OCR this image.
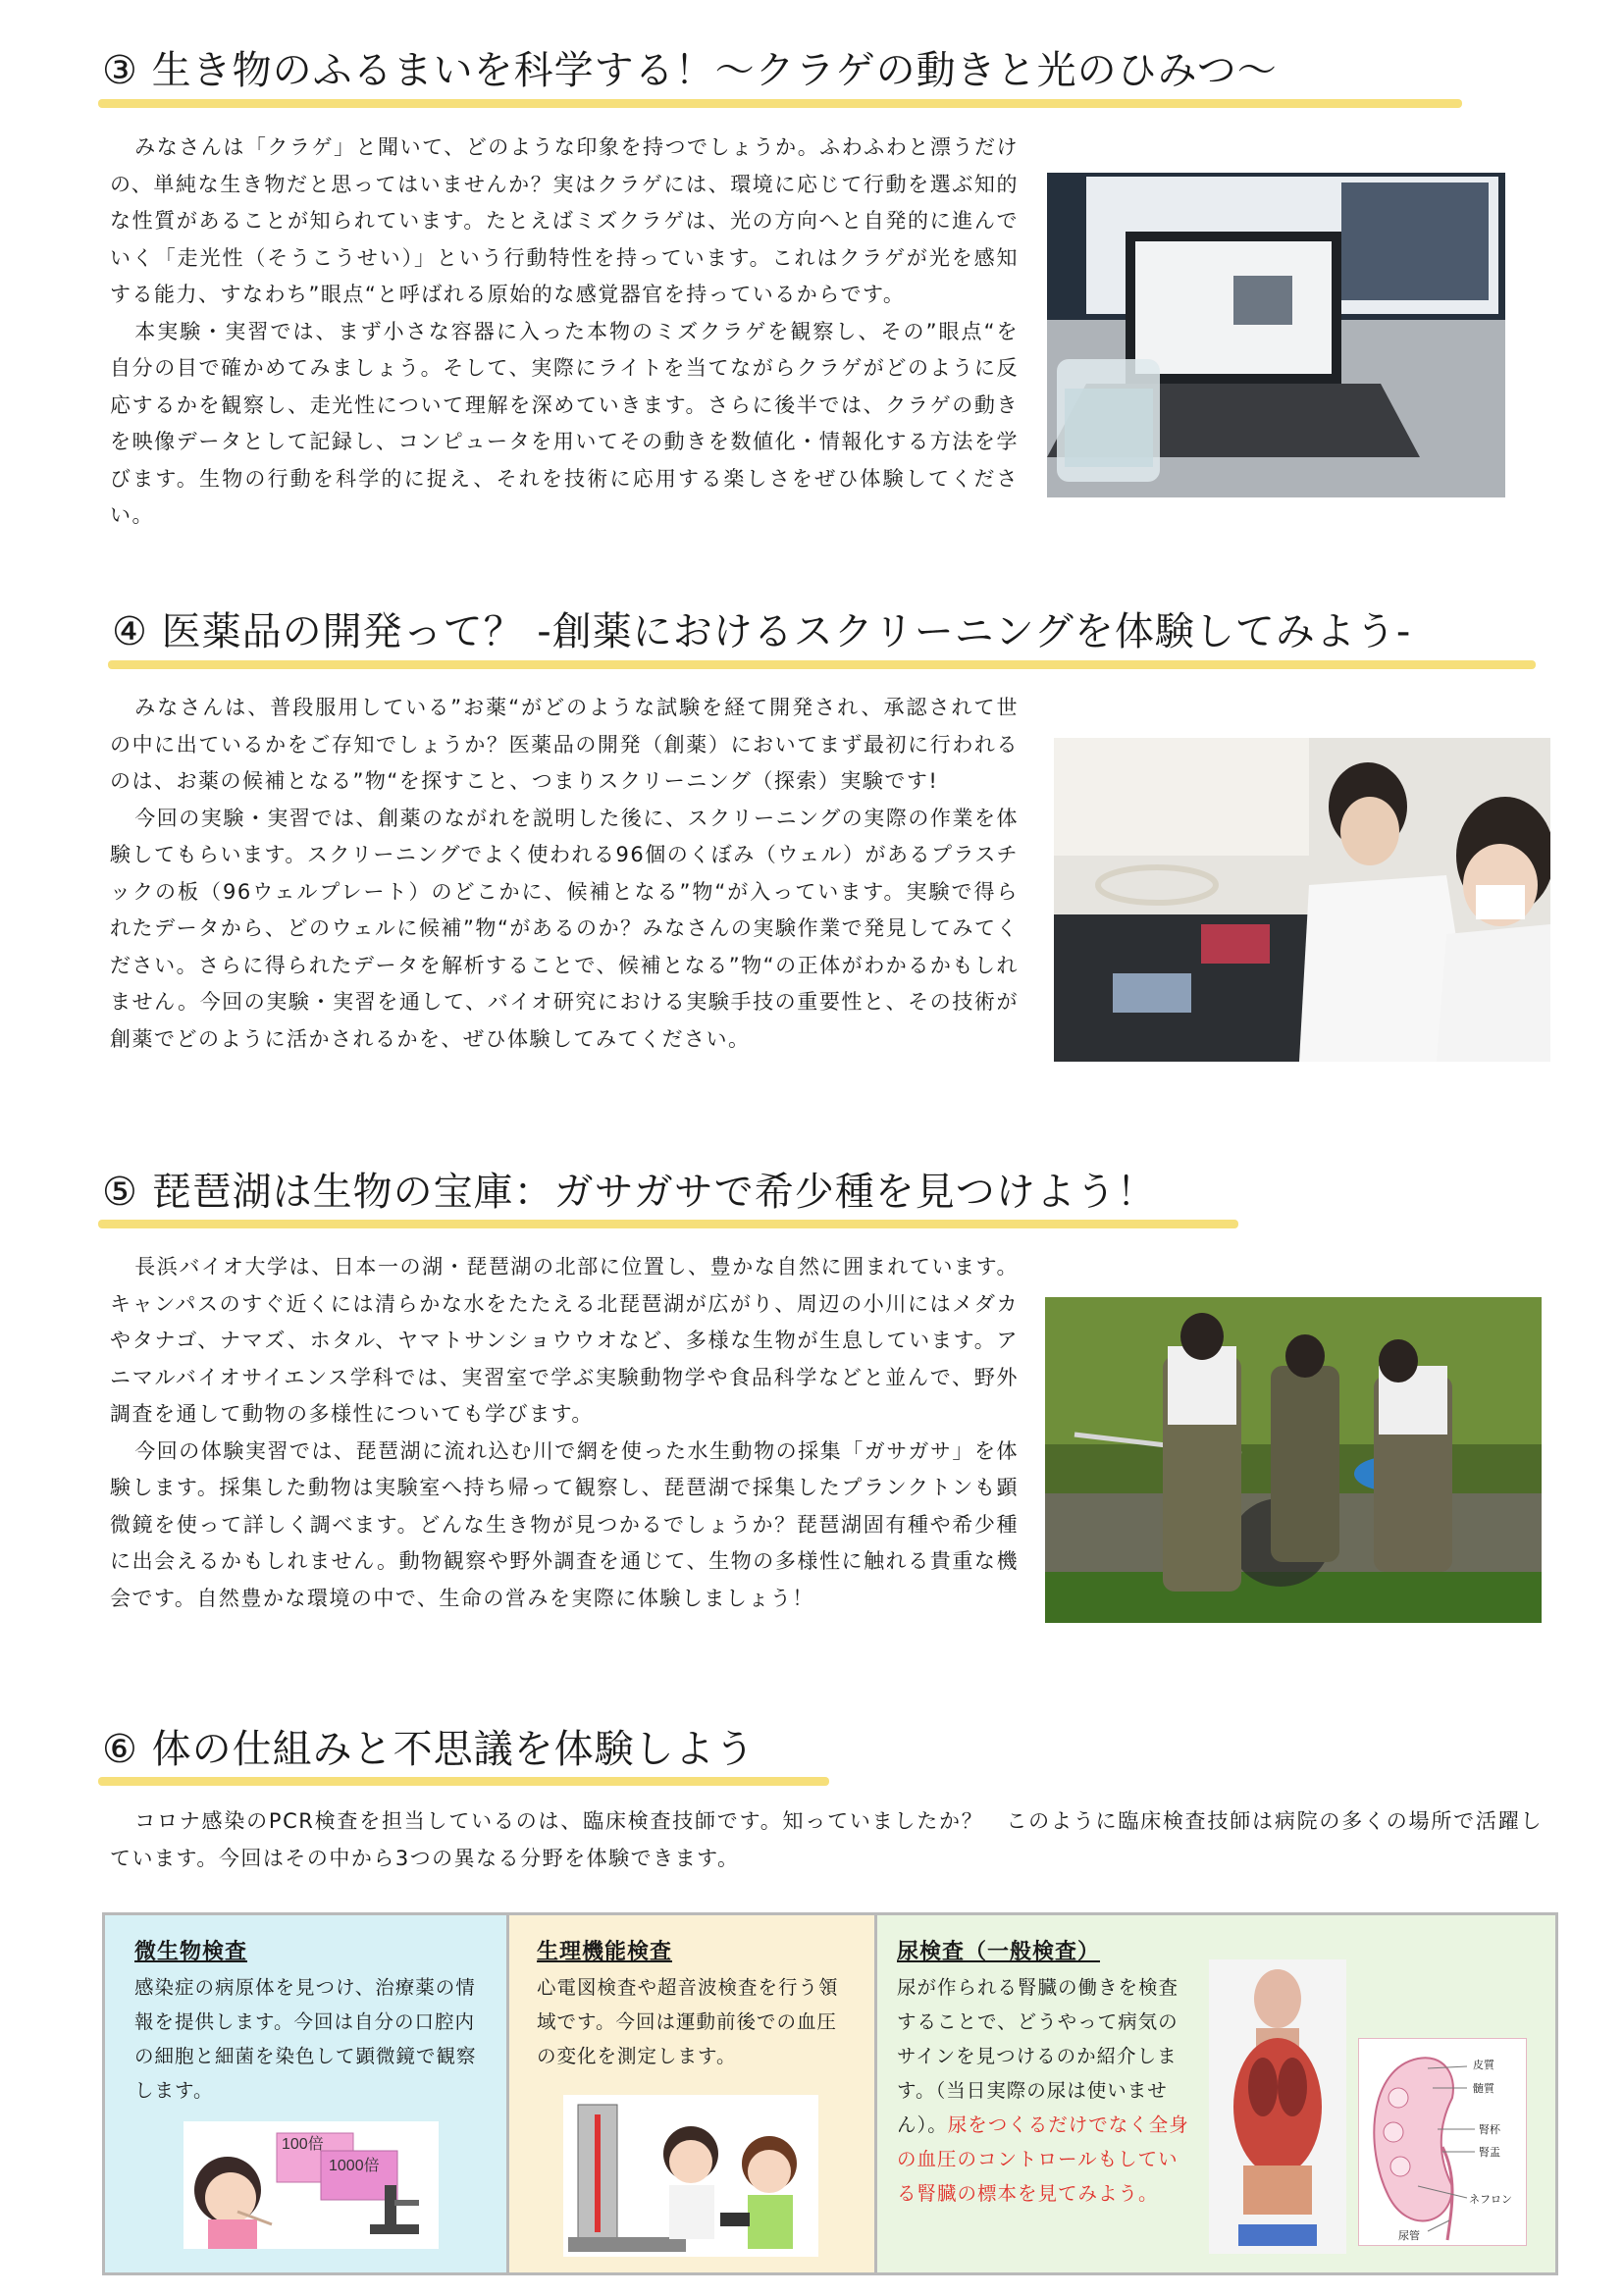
③ 生き物のふるまいを科学する！～クラゲの動きと光のひみつ～

みなさんは「クラゲ」と聞いて、どのような印象を持つでしょうか。ふわふわと漂うだけの、単純な生き物だと思ってはいませんか？実はクラゲには、環境に応じて行動を選ぶ知的な性質があることが知られています。たとえばミズクラゲは、光の方向へと自発的に進んでいく「走光性（そうこうせい）」という行動特性を持っています。これはクラゲが光を感知する能力、すなわち”眼点“と呼ばれる原始的な感覚器官を持っているからです。

本実験・実習では、まず小さな容器に入った本物のミズクラゲを観察し、その”眼点“を自分の目で確かめてみましょう。そして、実際にライトを当てながらクラゲがどのように反応するかを観察し、走光性について理解を深めていきます。さらに後半では、クラゲの動きを映像データとして記録し、コンピュータを用いてその動きを数値化・情報化する方法を学びます。生物の行動を科学的に捉え、それを技術に応用する楽しさをぜひ体験してください。

④ 医薬品の開発って？ -創薬におけるスクリーニングを体験してみよう-

みなさんは、普段服用している”お薬“がどのような試験を経て開発され、承認されて世の中に出ているかをご存知でしょうか？医薬品の開発（創薬）においてまず最初に行われるのは、お薬の候補となる”物“を探すこと、つまりスクリーニング（探索）実験です!

今回の実験・実習では、創薬のながれを説明した後に、スクリーニングの実際の作業を体験してもらいます。スクリーニングでよく使われる96個のくぼみ（ウェル）があるプラスチックの板（96ウェルプレート）のどこかに、候補となる”物“が入っています。実験で得られたデータから、どのウェルに候補”物“があるのか？みなさんの実験作業で発見してみてください。さらに得られたデータを解析することで、候補となる”物“の正体がわかるかもしれません。今回の実験・実習を通して、バイオ研究における実験手技の重要性と、その技術が創薬でどのように活かされるかを、ぜひ体験してみてください。

⑤ 琵琶湖は生物の宝庫：ガサガサで希少種を見つけよう！

長浜バイオ大学は、日本一の湖・琵琶湖の北部に位置し、豊かな自然に囲まれています。キャンパスのすぐ近くには清らかな水をたたえる北琵琶湖が広がり、周辺の小川にはメダカやタナゴ、ナマズ、ホタル、ヤマトサンショウウオなど、多様な生物が生息しています。アニマルバイオサイエンス学科では、実習室で学ぶ実験動物学や食品科学などと並んで、野外調査を通して動物の多様性についても学びます。

今回の体験実習では、琵琶湖に流れ込む川で網を使った水生動物の採集「ガサガサ」を体験します。採集した動物は実験室へ持ち帰って観察し、琵琶湖で採集したプランクトンも顕微鏡を使って詳しく調べます。どんな生き物が見つかるでしょうか？琵琶湖固有種や希少種に出会えるかもしれません。動物観察や野外調査を通じて、生物の多様性に触れる貴重な機会です。自然豊かな環境の中で、生命の営みを実際に体験しましょう！

⑥ 体の仕組みと不思議を体験しよう

コロナ感染のPCR検査を担当しているのは、臨床検査技師です。知っていましたか？　このように臨床検査技師は病院の多くの場所で活躍しています。今回はその中から3つの異なる分野を体験できます。

微生物検査

感染症の病原体を見つけ、治療薬の情報を提供します。今回は自分の口腔内の細胞と細菌を染色して顕微鏡で観察します。

100倍
1000倍
生理機能検査

心電図検査や超音波検査を行う領域です。今回は運動前後での血圧の変化を測定します。

尿検査（一般検査）

尿が作られる腎臓の働きを検査することで、どうやって病気のサインを見つけるのか紹介します。（当日実際の尿は使いません）。尿をつくるだけでなく全身の血圧のコントロールもしている腎臓の標本を見てみよう。

皮質
髄質
腎杯
腎盂
ネフロン
尿管
